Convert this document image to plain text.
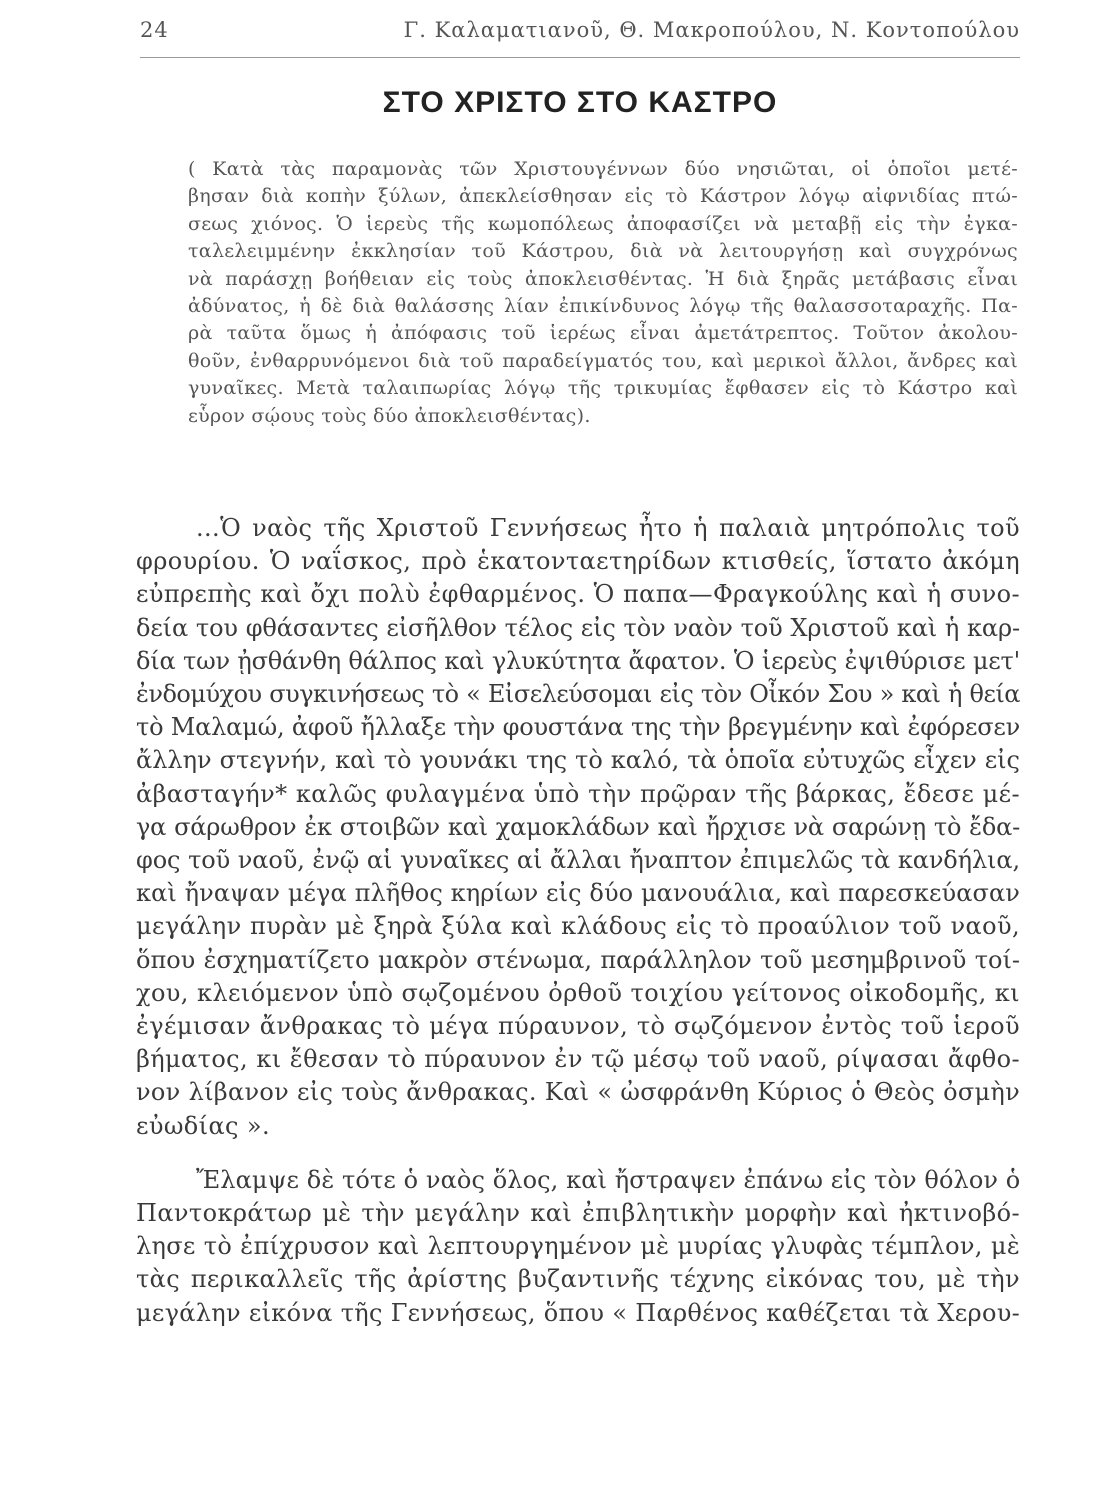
24	Γ. Καλαματιανοῦ, Θ. Μακροπούλου, Ν. Κοντοπούλου
ΣΤΟ ΧΡΙΣΤΟ ΣΤΟ ΚΑΣΤΡΟ
( Κατὰ τὰς παραμονὰς τῶν Χριστουγέννων δύο νησιῶται, οἱ ὁποῖοι μετέ-
βησαν διὰ κοπὴν ξύλων, ἀπεκλείσθησαν εἰς τὸ Κάστρον λόγῳ αἰφνιδίας πτώ-
σεως χιόνος. Ὁ ἱερεὺς τῆς κωμοπόλεως ἀποφασίζει νὰ μεταβῇ εἰς τὴν ἐγκα-
ταλελειμμένην ἐκκλησίαν τοῦ Κάστρου, διὰ νὰ λειτουργήσῃ καὶ συγχρόνως
νὰ παράσχῃ βοήθειαν εἰς τοὺς ἀποκλεισθέντας. Ἡ διὰ ξηρᾶς μετάβασις εἶναι
ἀδύνατος, ἡ δὲ διὰ θαλάσσης λίαν ἐπικίνδυνος λόγῳ τῆς θαλασσοταραχῆς. Πα-
ρὰ ταῦτα ὅμως ἡ ἀπόφασις τοῦ ἱερέως εἶναι ἀμετάτρεπτος. Τοῦτον ἀκολου-
θοῦν, ἐνθαρρυνόμενοι διὰ τοῦ παραδείγματός του, καὶ μερικοὶ ἄλλοι, ἄνδρες καὶ
γυναῖκες. Μετὰ ταλαιπωρίας λόγῳ τῆς τρικυμίας ἔφθασεν εἰς τὸ Κάστρο καὶ
εὗρον σῴους τοὺς δύο ἀποκλεισθέντας).
...Ὁ ναὸς τῆς Χριστοῦ Γεννήσεως ἦτο ἡ παλαιὰ μητρόπολις τοῦ
φρουρίου. Ὁ ναΐσκος, πρὸ ἑκατονταετηρίδων κτισθείς, ἵστατο ἀκόμη
εὐπρεπὴς καὶ ὄχι πολὺ ἐφθαρμένος. Ὁ παπα—Φραγκούλης καὶ ἡ συνο-
δεία του φθάσαντες εἰσῆλθον τέλος εἰς τὸν ναὸν τοῦ Χριστοῦ καὶ ἡ καρ-
δία των ᾐσθάνθη θάλπος καὶ γλυκύτητα ἄφατον. Ὁ ἱερεὺς ἐψιθύρισε μετ'
ἐνδομύχου συγκινήσεως τὸ « Εἰσελεύσομαι εἰς τὸν Οἶκόν Σου » καὶ ἡ θεία
τὸ Μαλαμώ, ἀφοῦ ἤλλαξε τὴν φουστάνα της τὴν βρεγμένην καὶ ἐφόρεσεν
ἄλλην στεγνήν, καὶ τὸ γουνάκι της τὸ καλό, τὰ ὁποῖα εὐτυχῶς εἶχεν εἰς
ἀβασταγήν* καλῶς φυλαγμένα ὑπὸ τὴν πρῷραν τῆς βάρκας, ἔδεσε μέ-
γα σάρωθρον ἐκ στοιβῶν καὶ χαμοκλάδων καὶ ἤρχισε νὰ σαρώνῃ τὸ ἔδα-
φος τοῦ ναοῦ, ἐνῷ αἱ γυναῖκες αἱ ἄλλαι ἤναπτον ἐπιμελῶς τὰ κανδήλια,
καὶ ἤναψαν μέγα πλῆθος κηρίων εἰς δύο μανουάλια, καὶ παρεσκεύασαν
μεγάλην πυρὰν μὲ ξηρὰ ξύλα καὶ κλάδους εἰς τὸ προαύλιον τοῦ ναοῦ,
ὅπου ἐσχηματίζετο μακρὸν στένωμα, παράλληλον τοῦ μεσημβρινοῦ τοί-
χου, κλειόμενον ὑπὸ σῳζομένου ὀρθοῦ τοιχίου γείτονος οἰκοδομῆς, κι
ἐγέμισαν ἄνθρακας τὸ μέγα πύραυνον, τὸ σῳζόμενον ἐντὸς τοῦ ἱεροῦ
βήματος, κι ἔθεσαν τὸ πύραυνον ἐν τῷ μέσῳ τοῦ ναοῦ, ρίψασαι ἄφθο-
νον λίβανον εἰς τοὺς ἄνθρακας. Καὶ « ὠσφράνθη Κύριος ὁ Θεὸς ὀσμὴν
εὐωδίας ».
Ἔλαμψε δὲ τότε ὁ ναὸς ὅλος, καὶ ἤστραψεν ἐπάνω εἰς τὸν θόλον ὁ
Παντοκράτωρ μὲ τὴν μεγάλην καὶ ἐπιβλητικὴν μορφὴν καὶ ἠκτινοβό-
λησε τὸ ἐπίχρυσον καὶ λεπτουργημένον μὲ μυρίας γλυφὰς τέμπλον, μὲ
τὰς περικαλλεῖς τῆς ἀρίστης βυζαντινῆς τέχνης εἰκόνας του, μὲ τὴν
μεγάλην εἰκόνα τῆς Γεννήσεως, ὅπου « Παρθένος καθέζεται τὰ Χερου-
